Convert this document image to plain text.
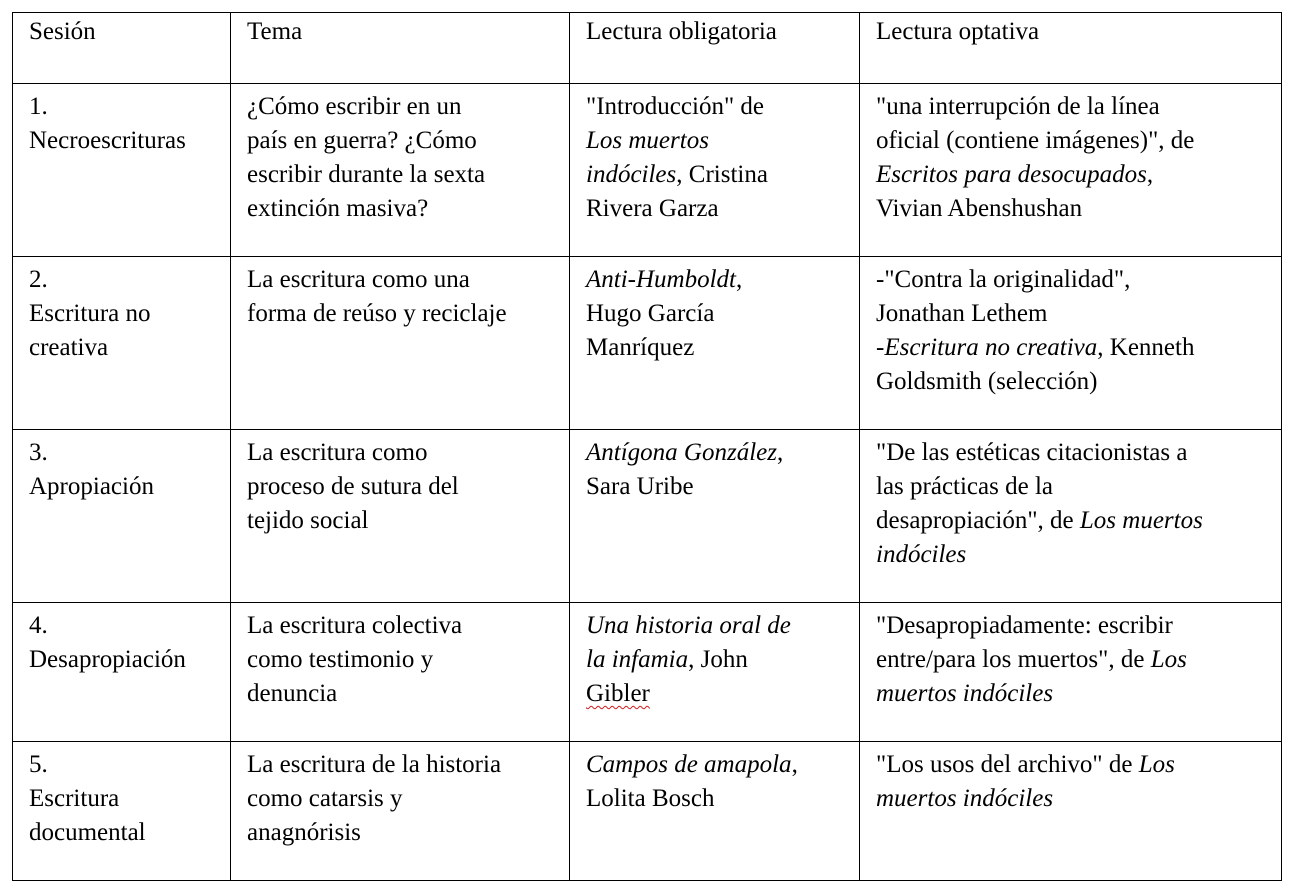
Sesión	Tema	Lectura obligatoria	Lectura optativa

1.
Necroescrituras	¿Cómo escribir en un
país en guerra? ¿Cómo
escribir durante la sexta
extinción masiva?	"Introducción" de
Los muertos
indóciles, Cristina
Rivera Garza	"una interrupción de la línea
oficial (contiene imágenes)", de
Escritos para desocupados,
Vivian Abenshushan

2.
Escritura no
creativa	La escritura como una
forma de reúso y reciclaje	Anti-Humboldt,
Hugo García
Manríquez	-"Contra la originalidad",
Jonathan Lethem
-Escritura no creativa, Kenneth
Goldsmith (selección)

3.
Apropiación	La escritura como
proceso de sutura del
tejido social	Antígona González,
Sara Uribe	"De las estéticas citacionistas a
las prácticas de la
desapropiación", de Los muertos
indóciles

4.
Desapropiación	La escritura colectiva
como testimonio y
denuncia	Una historia oral de
la infamia, John
Gibler	"Desapropiadamente: escribir
entre/para los muertos", de Los
muertos indóciles

5.
Escritura
documental	La escritura de la historia
como catarsis y
anagnórisis	Campos de amapola,
Lolita Bosch	"Los usos del archivo" de Los
muertos indóciles
